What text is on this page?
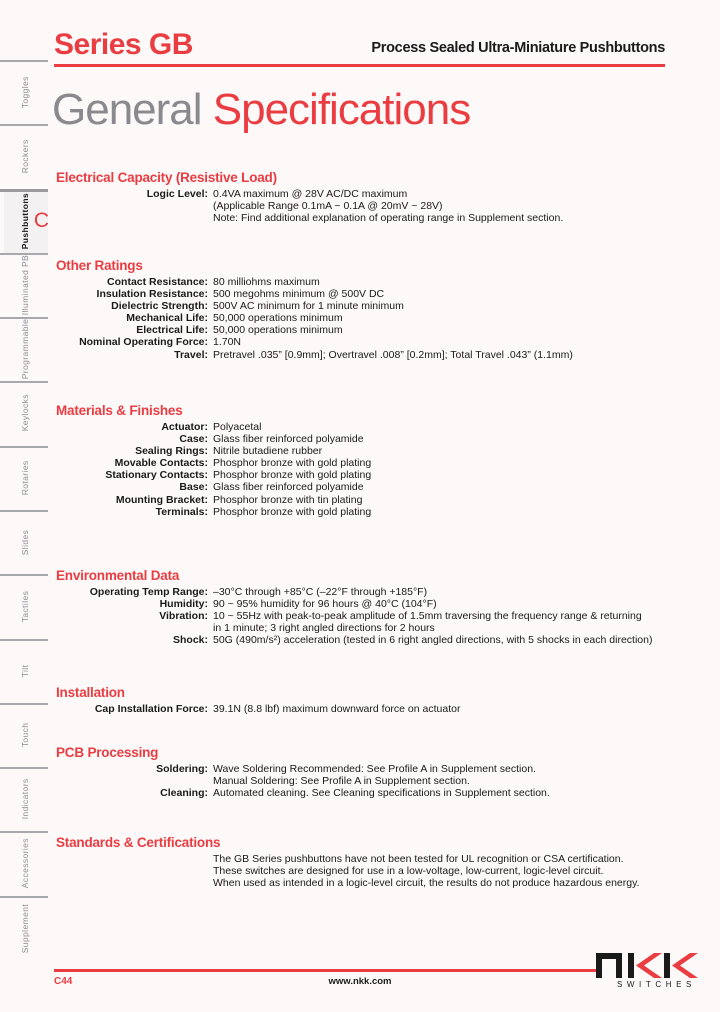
Toggles
Rockers
Pushbuttons C
Illuminated PB
Programmable
Keylocks
Rotaries
Slides
Tactiles
Tilt
Touch
Indicators
Accessories
Supplement
Series GB	Process Sealed Ultra-Miniature Pushbuttons
General Specifications
Electrical Capacity (Resistive Load)
Logic Level: 0.4VA maximum @ 28V AC/DC maximum
(Applicable Range 0.1mA ~ 0.1A @ 20mV ~ 28V)
Note: Find additional explanation of operating range in Supplement section.
Other Ratings
Contact Resistance: 80 milliohms maximum
Insulation Resistance: 500 megohms minimum @ 500V DC
Dielectric Strength: 500V AC minimum for 1 minute minimum
Mechanical Life: 50,000 operations minimum
Electrical Life: 50,000 operations minimum
Nominal Operating Force: 1.70N
Travel: Pretravel .035” [0.9mm]; Overtravel .008” [0.2mm]; Total Travel .043” (1.1mm)
Materials & Finishes
Actuator: Polyacetal
Case: Glass fiber reinforced polyamide
Sealing Rings: Nitrile butadiene rubber
Movable Contacts: Phosphor bronze with gold plating
Stationary Contacts: Phosphor bronze with gold plating
Base: Glass fiber reinforced polyamide
Mounting Bracket: Phosphor bronze with tin plating
Terminals: Phosphor bronze with gold plating
Environmental Data
Operating Temp Range: –30°C through +85°C (–22°F through +185°F)
Humidity: 90 ~ 95% humidity for 96 hours @ 40°C (104°F)
Vibration: 10 ~ 55Hz with peak-to-peak amplitude of 1.5mm traversing the frequency range & returning
in 1 minute; 3 right angled directions for 2 hours
Shock: 50G (490m/s²) acceleration (tested in 6 right angled directions, with 5 shocks in each direction)
Installation
Cap Installation Force: 39.1N (8.8 lbf) maximum downward force on actuator
PCB Processing
Soldering: Wave Soldering Recommended: See Profile A in Supplement section.
Manual Soldering: See Profile A in Supplement section.
Cleaning: Automated cleaning. See Cleaning specifications in Supplement section.
Standards & Certifications
The GB Series pushbuttons have not been tested for UL recognition or CSA certification.
These switches are designed for use in a low-voltage, low-current, logic-level circuit.
When used as intended in a logic-level circuit, the results do not produce hazardous energy.
C44	www.nkk.com	SWITCHES
